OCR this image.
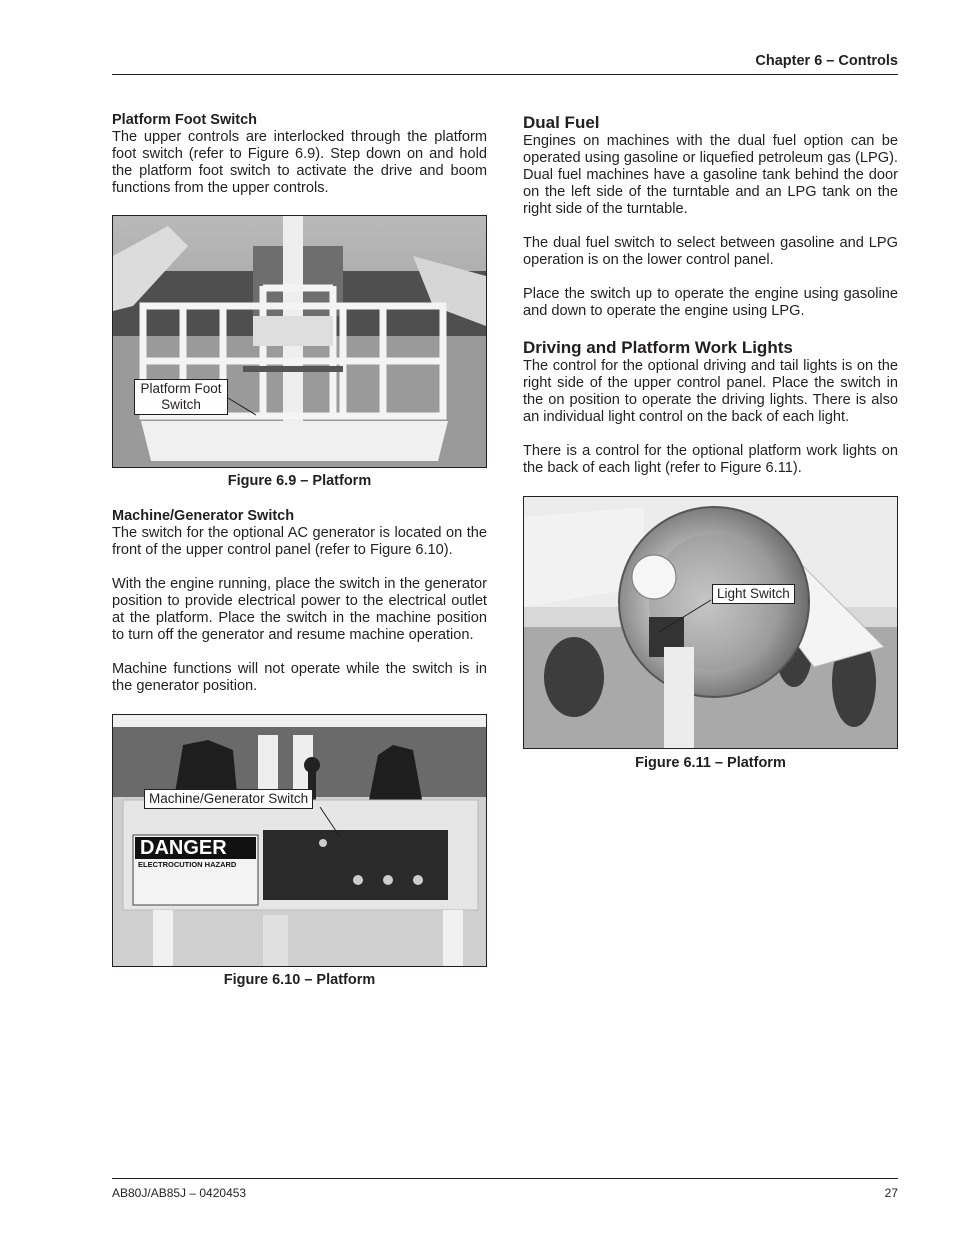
Chapter 6 – Controls
Platform Foot Switch

The upper controls are interlocked through the platform foot switch (refer to Figure 6.9). Step down on and hold the platform foot switch to activate the drive and boom functions from the upper controls.

Platform Foot Switch
Figure 6.9 – Platform
Machine/Generator Switch

The switch for the optional AC generator is located on the front of the upper control panel (refer to Figure 6.10).

With the engine running, place the switch in the generator position to provide electrical power to the electrical outlet at the platform. Place the switch in the machine position to turn off the generator and resume machine operation.

Machine functions will not operate while the switch is in the generator position.

DANGER
ELECTROCUTION HAZARD
Machine/Generator Switch
Figure 6.10 – Platform
Dual Fuel

Engines on machines with the dual fuel option can be operated using gasoline or liquefied petroleum gas (LPG). Dual fuel machines have a gasoline tank behind the door on the left side of the turntable and an LPG tank on the right side of the turntable.

The dual fuel switch to select between gasoline and LPG operation is on the lower control panel.

Place the switch up to operate the engine using gasoline and down to operate the engine using LPG.

Driving and Platform Work Lights

The control for the optional driving and tail lights is on the right side of the upper control panel. Place the switch in the on position to operate the driving lights. There is also an individual light control on the back of each light.

There is a control for the optional platform work lights on the back of each light (refer to Figure 6.11).

Light Switch
Figure 6.11 – Platform
AB80J/AB85J – 0420453	27
